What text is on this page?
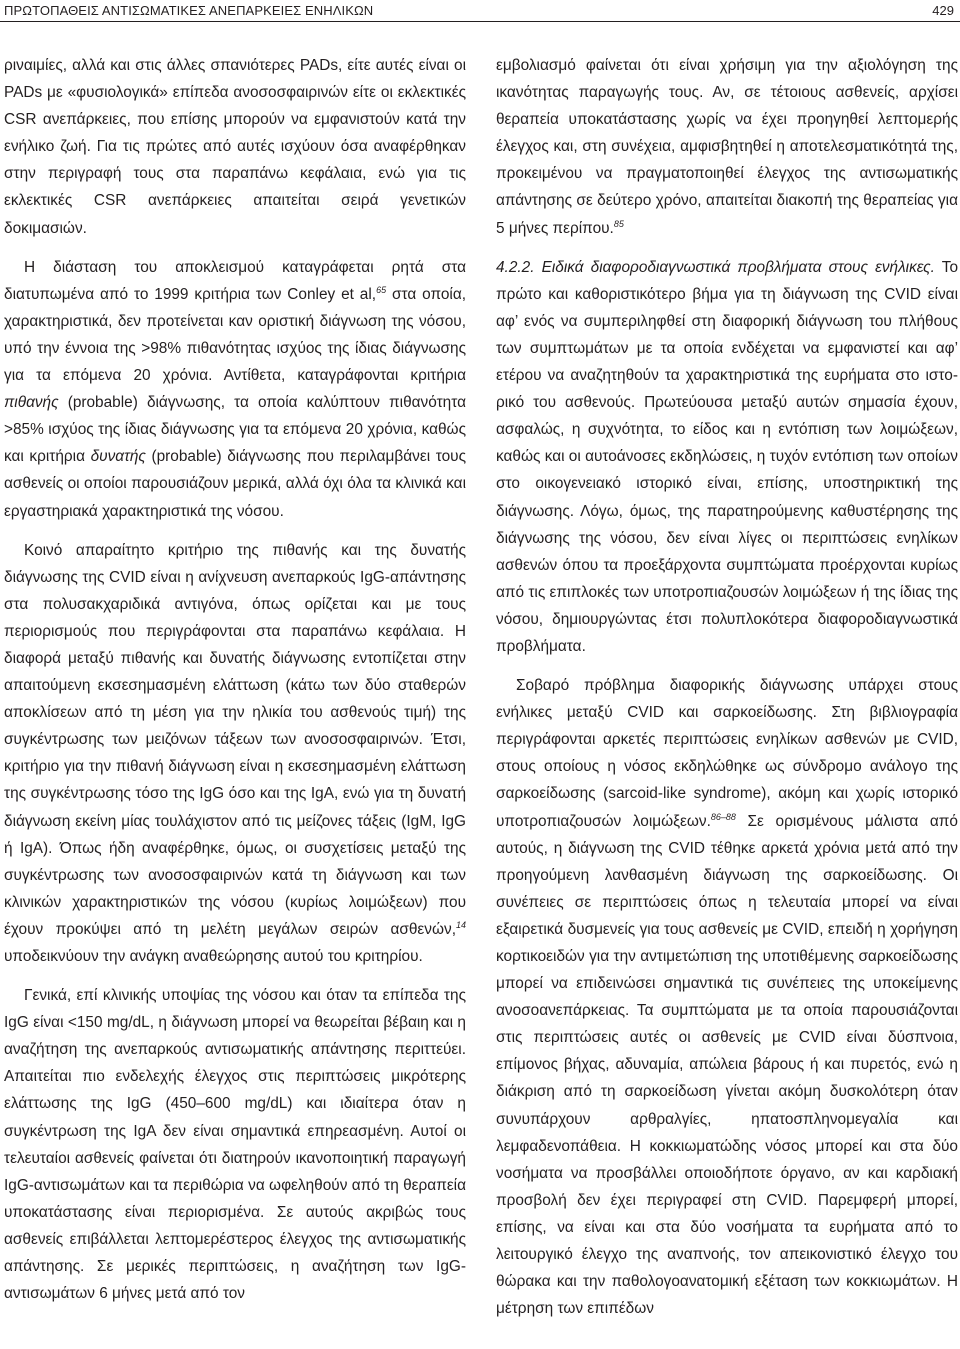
ΠΡΩΤΟΠΑΘΕΙΣ ΑΝΤΙΣΩΜΑΤΙΚΕΣ ΑΝΕΠΑΡΚΕΙΕΣ ΕΝΗΛΙΚΩΝ	429

ριναιμίες, αλλά και στις άλλες σπανιότερες PADs, είτε αυτές είναι οι PADs με «φυσιολογικά» επίπεδα ανοσοσφαιρινών είτε οι εκλεκτικές CSR ανεπάρκειες, που επίσης μπορούν να εμφανιστούν κατά την ενήλικο ζωή. Για τις πρώτες από αυτές ισχύουν όσα αναφέρθηκαν στην περιγραφή τους στα παραπάνω κεφάλαια, ενώ για τις εκλεκτικές CSR ανεπάρκειες απαιτείται σειρά γενετικών δοκιμασιών.

Η διάσταση του αποκλεισμού καταγράφεται ρητά στα διατυπωμένα από το 1999 κριτήρια των Conley et al,$^{65}$ στα οποία, χαρακτηριστικά, δεν προτείνεται καν οριστική διάγνωση της νόσου, υπό την έννοια της >98% πιθανότητας ισχύος της ίδιας διάγνωσης για τα επόμενα 20 χρόνια. Αντίθετα, καταγράφονται κριτήρια πιθανής (probable) διάγνωσης, τα οποία καλύπτουν πιθανότητα >85% ισχύος της ίδιας διάγνωσης για τα επόμενα 20 χρόνια, καθώς και κριτήρια δυνατής (probable) διάγνωσης που περιλαμβάνει τους ασθενείς οι οποίοι παρουσιάζουν μερικά, αλλά όχι όλα τα κλινικά και εργαστηριακά χαρακτηριστικά της νόσου.

Κοινό απαραίτητο κριτήριο της πιθανής και της δυνατής διάγνωσης της CVID είναι η ανίχνευση ανεπαρκούς IgG-απάντησης στα πολυσακχαριδικά αντιγόνα, όπως ορίζεται και με τους περιορισμούς που περιγράφονται στα παραπάνω κεφάλαια. Η διαφορά μεταξύ πιθανής και δυνατής διάγνωσης εντοπίζεται στην απαιτούμενη εκσεσημασμένη ελάττωση (κάτω των δύο σταθερών αποκλίσεων από τη μέση για την ηλικία του ασθενούς τιμή) της συγκέντρωσης των μειζόνων τάξεων των ανοσοσφαιρινών. Έτσι, κριτήριο για την πιθανή διάγνωση είναι η εκσεσημασμένη ελάττωση της συγκέντρωσης τόσο της IgG όσο και της IgA, ενώ για τη δυνατή διάγνωση εκείνη μίας τουλάχιστον από τις μείζονες τάξεις (IgM, IgG ή IgA). Όπως ήδη αναφέρθηκε, όμως, οι συσχετίσεις μεταξύ της συγκέντρωσης των ανοσοσφαιρινών κατά τη διάγνωση και των κλινικών χαρακτηριστικών της νόσου (κυρίως λοιμώξεων) που έχουν προκύψει από τη μελέτη μεγάλων σειρών ασθενών,$^{14}$ υποδεικνύουν την ανάγκη αναθεώρησης αυτού του κριτηρίου.

Γενικά, επί κλινικής υποψίας της νόσου και όταν τα επίπεδα της IgG είναι <150 mg/dL, η διάγνωση μπορεί να θεωρείται βέβαιη και η αναζήτηση της ανεπαρκούς αντισωματικής απάντησης περιττεύει. Απαιτείται πιο ενδελεχής έλεγχος στις περιπτώσεις μικρότερης ελάττωσης της IgG (450‒600 mg/dL) και ιδιαίτερα όταν η συγκέντρωση της IgA δεν είναι σημαντικά επηρεασμένη. Αυτοί οι τελευταίοι ασθενείς φαίνεται ότι διατηρούν ικανοποιητική παραγωγή IgG-αντισωμάτων και τα περιθώρια να ωφεληθούν από τη θεραπεία υποκατάστασης είναι περιορισμένα. Σε αυτούς ακριβώς τους ασθενείς επιβάλλεται λεπτομερέστερος έλεγχος της αντισωματικής απάντησης. Σε μερικές περιπτώσεις, η αναζήτηση των IgG-αντισωμάτων 6 μήνες μετά από τον

εμβολιασμό φαίνεται ότι είναι χρήσιμη για την αξιολόγηση της ικανότητας παραγωγής τους. Αν, σε τέτοιους ασθενείς, αρχίσει θεραπεία υποκατάστασης χωρίς να έχει προηγηθεί λεπτομερής έλεγχος και, στη συνέχεια, αμφισβητηθεί η αποτελεσματικότητά της, προκειμένου να πραγματοποιηθεί έλεγχος της αντισωματικής απάντησης σε δεύτερο χρόνο, απαιτείται διακοπή της θεραπείας για 5 μήνες περίπου.$^{85}$

4.2.2. Ειδικά διαφοροδιαγνωστικά προβλήματα στους ενήλικες. Το πρώτο και καθοριστικότερο βήμα για τη διάγνωση της CVID είναι αφ’ ενός να συμπεριληφθεί στη διαφορική διάγνωση του πλήθους των συμπτωμάτων με τα οποία ενδέχεται να εμφανιστεί και αφ’ ετέρου να αναζητηθούν τα χαρακτηριστικά της ευρήματα στο ιστορικό του ασθενούς. Πρωτεύουσα μεταξύ αυτών σημασία έχουν, ασφαλώς, η συχνότητα, το είδος και η εντόπιση των λοιμώξεων, καθώς και οι αυτοάνοσες εκδηλώσεις, η τυχόν εντόπιση των οποίων στο οικογενειακό ιστορικό είναι, επίσης, υποστηρικτική της διάγνωσης. Λόγω, όμως, της παρατηρούμενης καθυστέρησης της διάγνωσης της νόσου, δεν είναι λίγες οι περιπτώσεις ενηλίκων ασθενών όπου τα προεξάρχοντα συμπτώματα προέρχονται κυρίως από τις επιπλοκές των υποτροπιαζουσών λοιμώξεων ή της ίδιας της νόσου, δημιουργώντας έτσι πολυπλοκότερα διαφοροδιαγνωστικά προβλήματα.

Σοβαρό πρόβλημα διαφορικής διάγνωσης υπάρχει στους ενήλικες μεταξύ CVID και σαρκοείδωσης. Στη βιβλιογραφία περιγράφονται αρκετές περιπτώσεις ενηλίκων ασθενών με CVID, στους οποίους η νόσος εκδηλώθηκε ως σύνδρομο ανάλογο της σαρκοείδωσης (sarcoid-like syndrome), ακόμη και χωρίς ιστορικό υποτροπιαζουσών λοιμώξεων.$^{86‒88}$ Σε ορισμένους μάλιστα από αυτούς, η διάγνωση της CVID τέθηκε αρκετά χρόνια μετά από την προηγούμενη λανθασμένη διάγνωση της σαρκοείδωσης. Οι συνέπειες σε περιπτώσεις όπως η τελευταία μπορεί να είναι εξαιρετικά δυσμενείς για τους ασθενείς με CVID, επειδή η χορήγηση κορτικοειδών για την αντιμετώπιση της υποτιθέμενης σαρκοείδωσης μπορεί να επιδεινώσει σημαντικά τις συνέπειες της υποκείμενης ανοσοανεπάρκειας. Τα συμπτώματα με τα οποία παρουσιάζονται στις περιπτώσεις αυτές οι ασθενείς με CVID είναι δύσπνοια, επίμονος βήχας, αδυναμία, απώλεια βάρους ή και πυρετός, ενώ η διάκριση από τη σαρκοείδωση γίνεται ακόμη δυσκολότερη όταν συνυπάρχουν αρθραλγίες, ηπατοσπληνομεγαλία και λεμφαδενοπάθεια. Η κοκκιωματώδης νόσος μπορεί και στα δύο νοσήματα να προσβάλλει οποιοδήποτε όργανο, αν και καρδιακή προσβολή δεν έχει περιγραφεί στη CVID. Παρεμφερή μπορεί, επίσης, να είναι και στα δύο νοσήματα τα ευρήματα από το λειτουργικό έλεγχο της αναπνοής, τον απεικονιστικό έλεγχο του θώρακα και την παθολογοανατομική εξέταση των κοκκιωμάτων. Η μέτρηση των επιπέδων
